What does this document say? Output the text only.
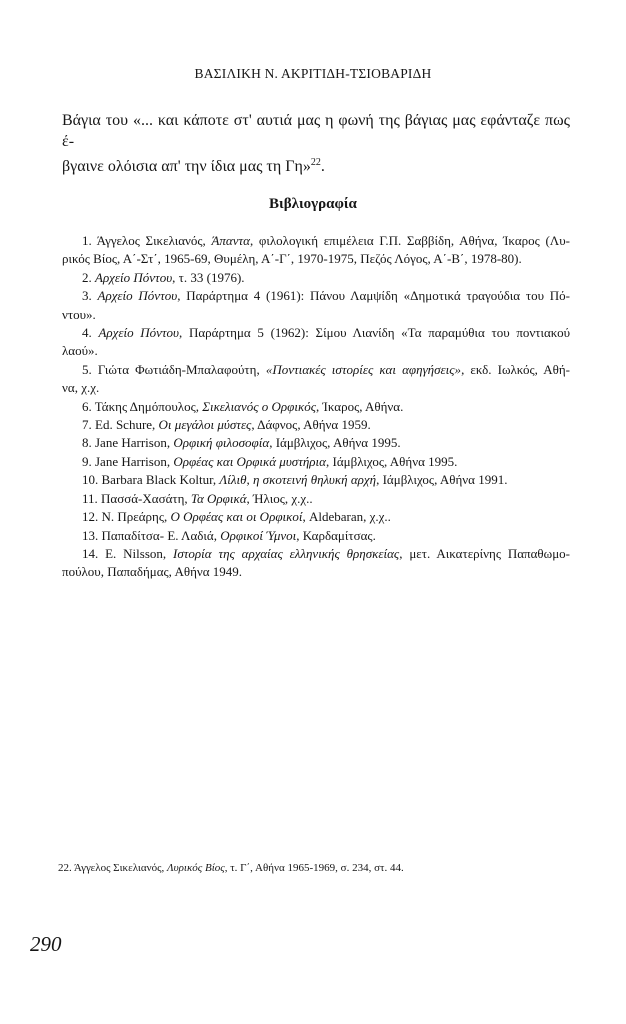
ΒΑΣΙΛΙΚΗ Ν. ΑΚΡΙΤΙΔΗ-ΤΣΙΟΒΑΡΙΔΗ
Βάγια του «... και κάποτε στ' αυτιά μας η φωνή της βάγιας μας εφάνταζε πως έ-
βγαινε ολόισια απ' την ίδια μας τη Γη»$^{22}$.
Βιβλιογραφία
1. Άγγελος Σικελιανός, Άπαντα, φιλολογική επιμέλεια Γ.Π. Σαββίδη, Αθήνα, Ίκαρος (Λυ-
ρικός Βίος, Α΄-Στ΄, 1965-69, Θυμέλη, Α΄-Γ΄, 1970-1975, Πεζός Λόγος, Α΄-Β΄, 1978-80).
2. Αρχείο Πόντου, τ. 33 (1976).
3. Αρχείο Πόντου, Παράρτημα 4 (1961): Πάνου Λαμψίδη «Δημοτικά τραγούδια του Πό-
ντου».
4. Αρχείο Πόντου, Παράρτημα 5 (1962): Σίμου Λιανίδη «Τα παραμύθια του ποντιακού
λαού».
5. Γιώτα Φωτιάδη-Μπαλαφούτη, «Ποντιακές ιστορίες και αφηγήσεις», εκδ. Ιωλκός, Αθή-
να, χ.χ.
6. Τάκης Δημόπουλος, Σικελιανός ο Ορφικός, Ίκαρος, Αθήνα.
7. Ed. Schure, Οι μεγάλοι μύστες, Δάφνος, Αθήνα 1959.
8. Jane Harrison, Ορφική φιλοσοφία, Ιάμβλιχος, Αθήνα 1995.
9. Jane Harrison, Ορφέας και Ορφικά μυστήρια, Ιάμβλιχος, Αθήνα 1995.
10. Barbara Black Koltur, Λίλιθ, η σκοτεινή θηλυκή αρχή, Ιάμβλιχος, Αθήνα 1991.
11. Πασσά-Χασάτη, Τα Ορφικά, Ήλιος, χ.χ..
12. Ν. Πρεάρης, Ο Ορφέας και οι Ορφικοί, Aldebaran, χ.χ..
13. Παπαδίτσα- Ε. Λαδιά, Ορφικοί Ύμνοι, Καρδαμίτσας.
14. E. Nilsson, Ιστορία της αρχαίας ελληνικής θρησκείας, μετ. Αικατερίνης Παπαθωμο-
πούλου, Παπαδήμας, Αθήνα 1949.
22. Άγγελος Σικελιανός, Λυρικός Βίος, τ. Γ΄, Αθήνα 1965-1969, σ. 234, στ. 44.
290
